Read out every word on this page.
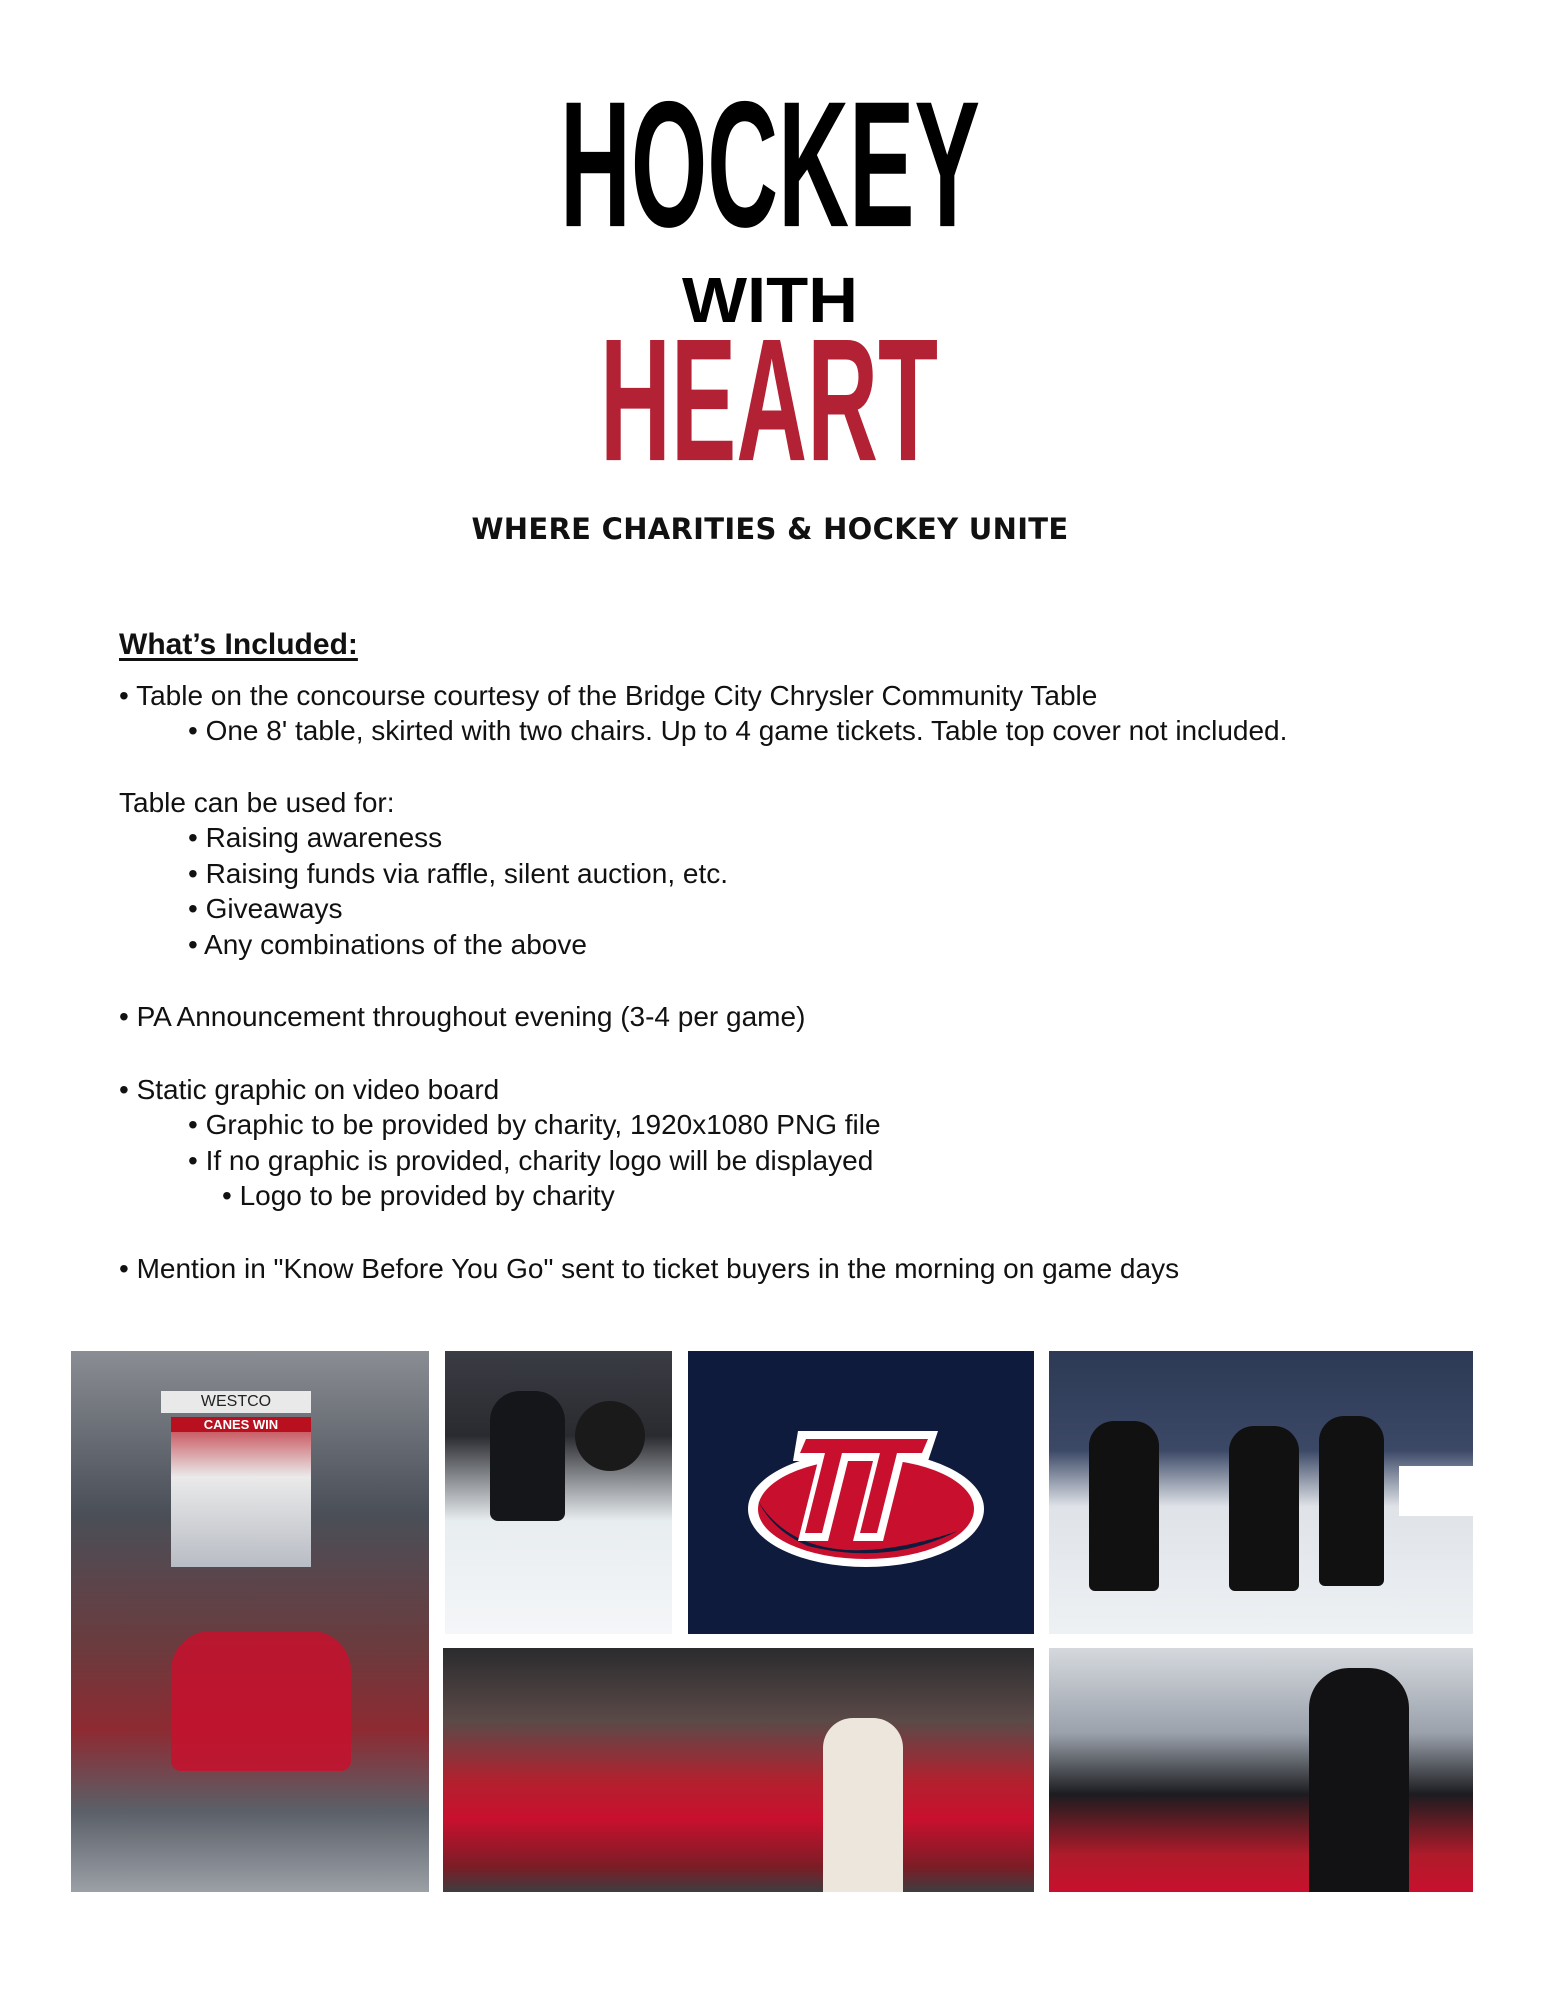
HOCKEY
WITH
HEART
WHERE CHARITIES & HOCKEY UNITE
What’s Included:
• Table on the concourse courtesy of the Bridge City Chrysler Community Table
• One 8' table, skirted with two chairs. Up to 4 game tickets. Table top cover not included.
Table can be used for:
• Raising awareness
• Raising funds via raffle, silent auction, etc.
• Giveaways
• Any combinations of the above
• PA Announcement throughout evening (3-4 per game)
• Static graphic on video board
• Graphic to be provided by charity, 1920x1080 PNG file
• If no graphic is provided, charity logo will be displayed
• Logo to be provided by charity
• Mention in "Know Before You Go" sent to ticket buyers in the morning on game days
WESTCO
CANES WIN
